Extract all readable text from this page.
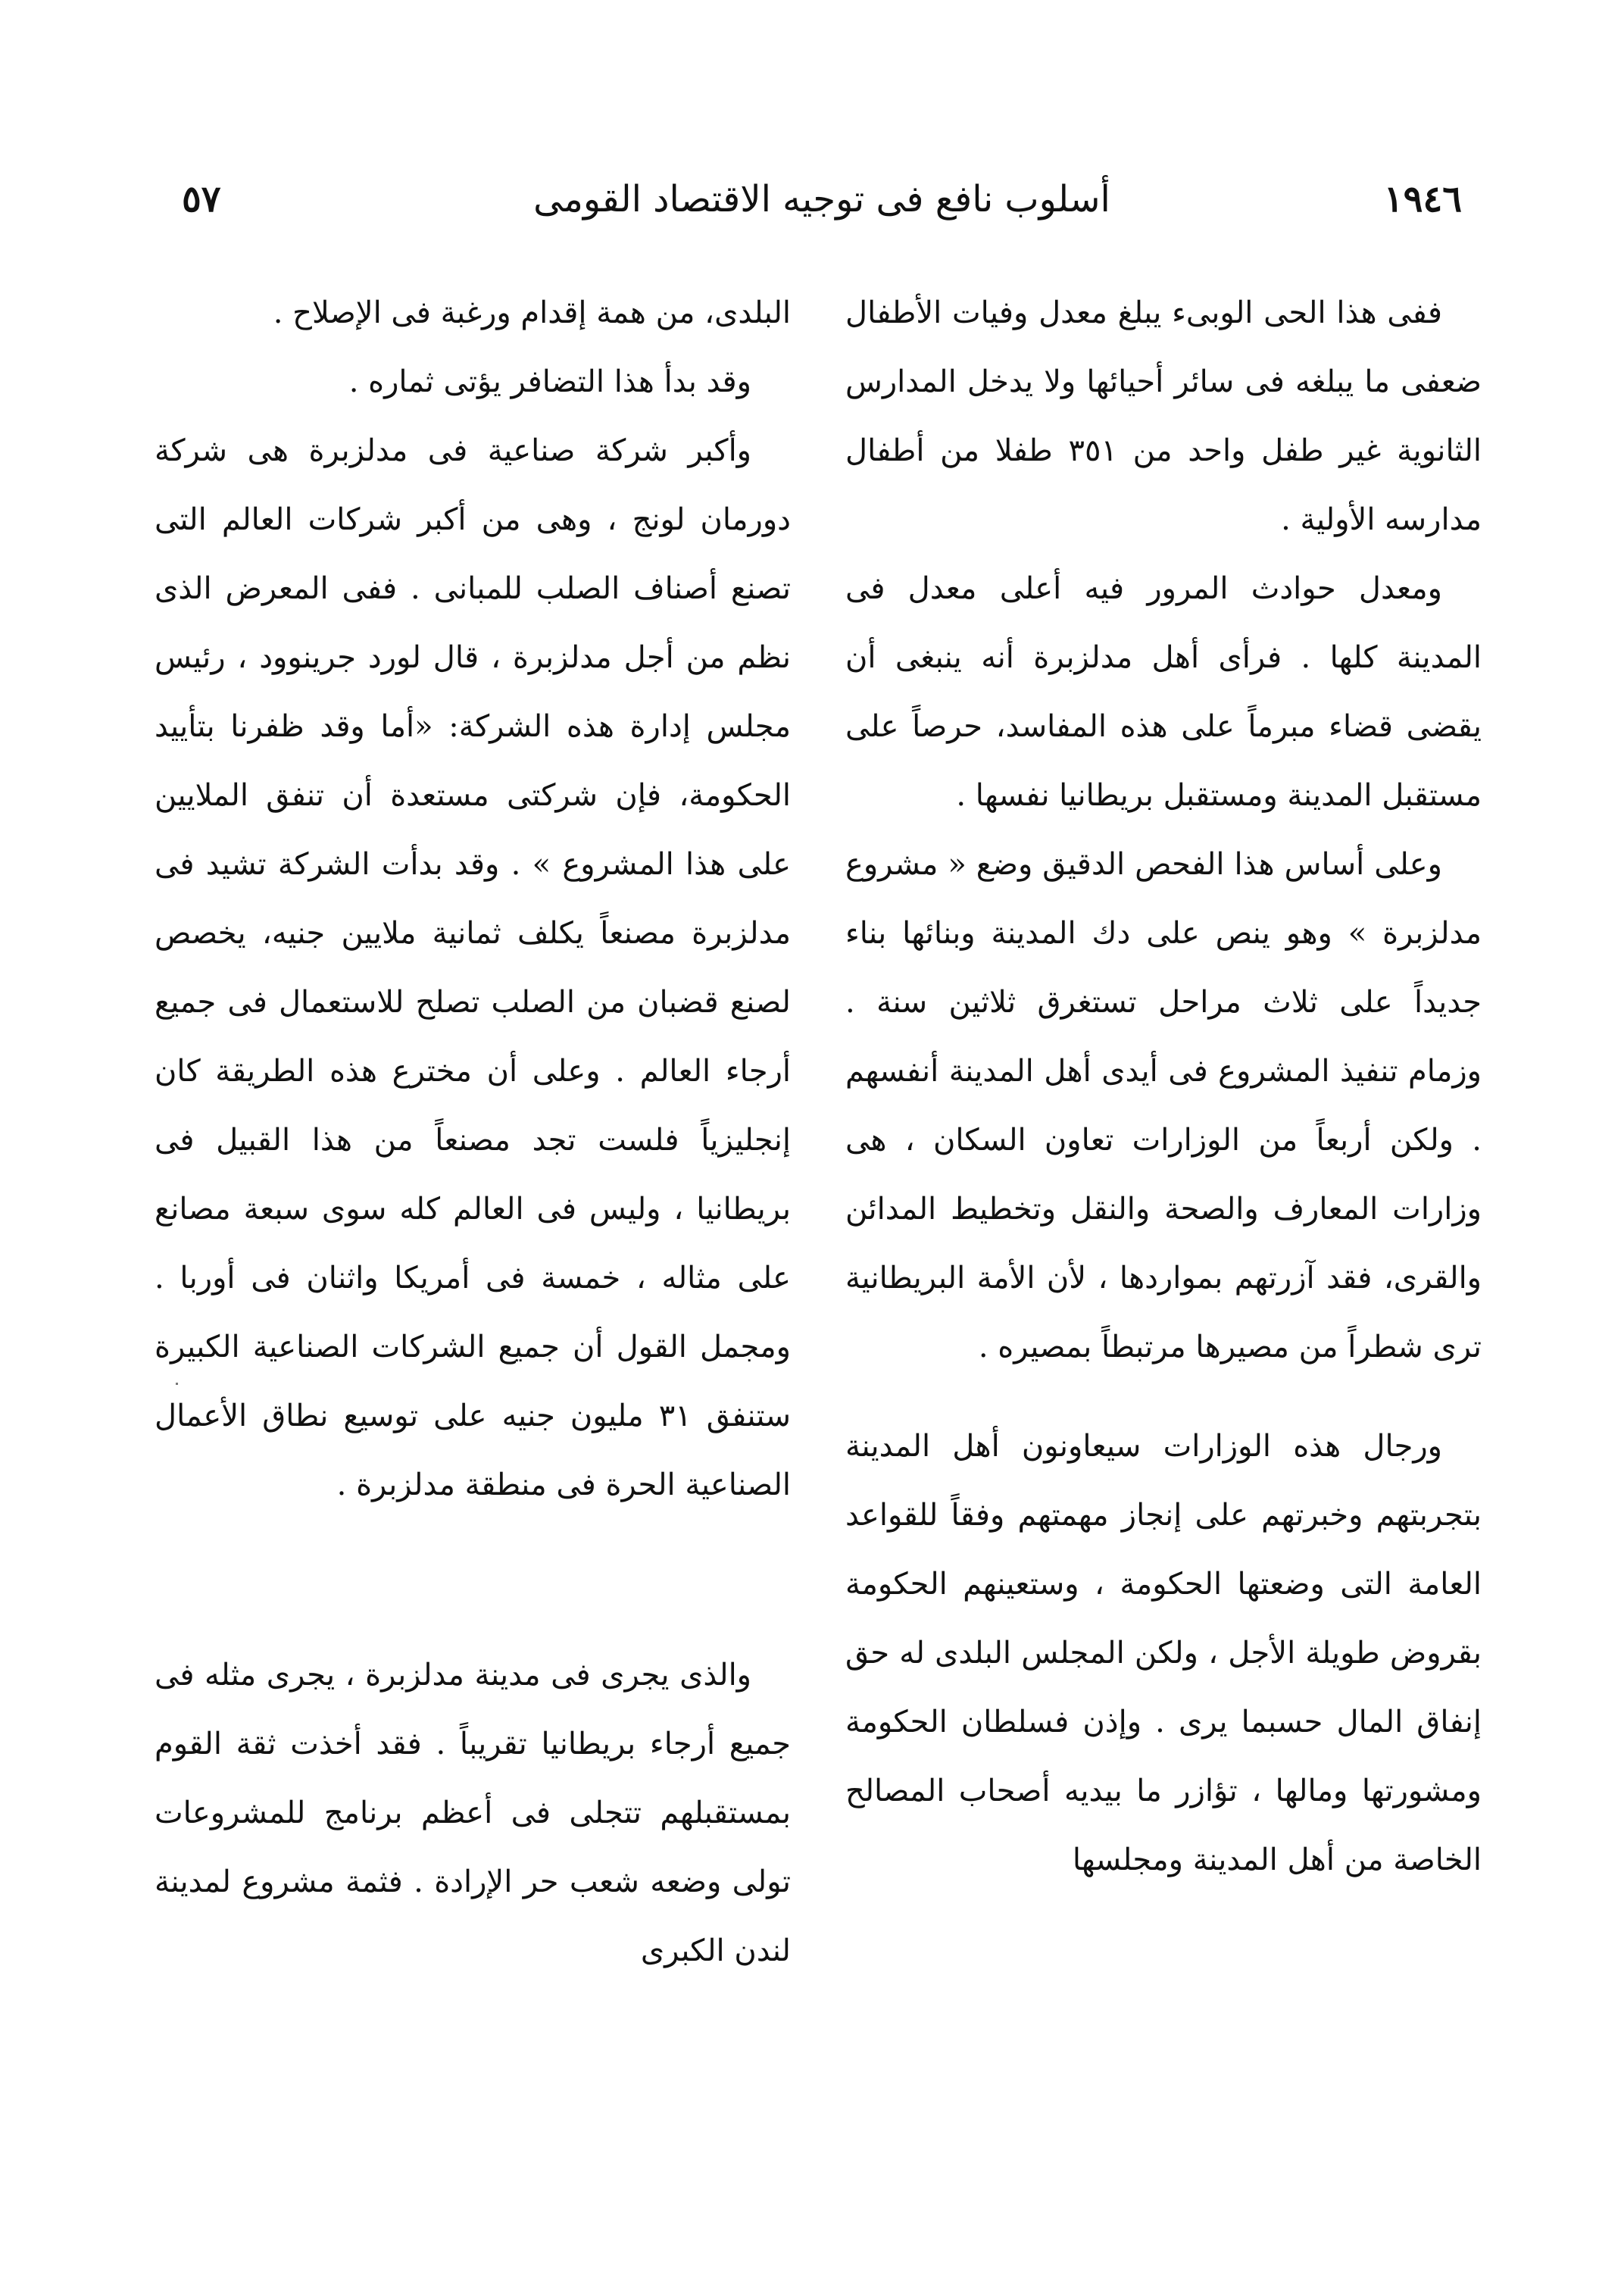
١٩٤٦
أسلوب نافع فى توجيه الاقتصاد القومى
٥٧

ففى هذا الحى الوبىء يبلغ معدل وفيات الأطفال ضعفى ما يبلغه فى سائر أحيائها ولا يدخل المدارس الثانوية غير طفل واحد من ٣٥١ طفلا من أطفال مدارسه الأولية .

ومعدل حوادث المرور فيه أعلى معدل فى المدينة كلها . فرأى أهل مدلزبرة أنه ينبغى أن يقضى قضاء مبرماً على هذه المفاسد، حرصاً على مستقبل المدينة ومستقبل بريطانيا نفسها .

وعلى أساس هذا الفحص الدقيق وضع « مشروع مدلزبرة » وهو ينص على دك المدينة وبنائها بناء جديداً على ثلاث مراحل تستغرق ثلاثين سنة . وزمام تنفيذ المشروع فى أيدى أهل المدينة أنفسهم . ولكن أربعاً من الوزارات تعاون السكان ، هى وزارات المعارف والصحة والنقل وتخطيط المدائن والقرى، فقد آزرتهم بمواردها ، لأن الأمة البريطانية ترى شطراً من مصيرها مرتبطاً بمصيره .

ورجال هذه الوزارات سيعاونون أهل المدينة بتجربتهم وخبرتهم على إنجاز مهمتهم وفقاً للقواعد العامة التى وضعتها الحكومة ، وستعينهم الحكومة بقروض طويلة الأجل ، ولكن المجلس البلدى له حق إنفاق المال حسبما يرى . وإذن فسلطان الحكومة ومشورتها ومالها ، تؤازر ما بيديه أصحاب المصالح الخاصة من أهل المدينة ومجلسها

البلدى، من همة إقدام ورغبة فى الإصلاح .

وقد بدأ هذا التضافر يؤتى ثماره .

وأكبر شركة صناعية فى مدلزبرة هى شركة دورمان لونج ، وهى من أكبر شركات العالم التى تصنع أصناف الصلب للمبانى . ففى المعرض الذى نظم من أجل مدلزبرة ، قال لورد جرينوود ، رئيس مجلس إدارة هذه الشركة: «أما وقد ظفرنا بتأييد الحكومة، فإن شركتى مستعدة أن تنفق الملايين على هذا المشروع » . وقد بدأت الشركة تشيد فى مدلزبرة مصنعاً يكلف ثمانية ملايين جنيه، يخصص لصنع قضبان من الصلب تصلح للاستعمال فى جميع أرجاء العالم . وعلى أن مخترع هذه الطريقة كان إنجليزياً فلست تجد مصنعاً من هذا القبيل فى بريطانيا ، وليس فى العالم كله سوى سبعة مصانع على مثاله ، خمسة فى أمريكا واثنان فى أوربا . ومجمل القول أن جميع الشركات الصناعية الكبيرة ستنفق ٣١ مليون جنيه على توسيع نطاق الأعمال الصناعية الحرة فى منطقة مدلزبرة .

والذى يجرى فى مدينة مدلزبرة ، يجرى مثله فى جميع أرجاء بريطانيا تقريباً . فقد أخذت ثقة القوم بمستقبلهم تتجلى فى أعظم برنامج للمشروعات تولى وضعه شعب حر الإرادة . فثمة مشروع لمدينة لندن الكبرى
